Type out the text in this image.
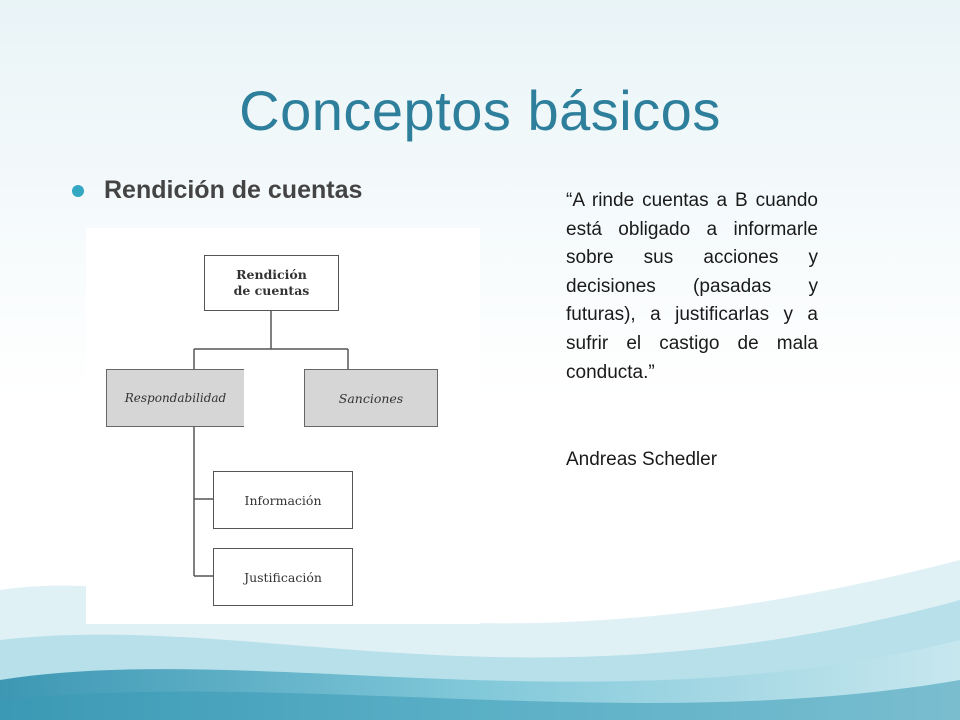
Conceptos básicos
Rendición de cuentas
Rendición
de cuentas
Respondabilidad	Sanciones
Información
Justificación
“A rinde cuentas a B cuando está obligado a informarle sobre sus acciones y decisiones (pasadas y futuras), a justificarlas y a sufrir el castigo de mala conducta.”
Andreas Schedler
